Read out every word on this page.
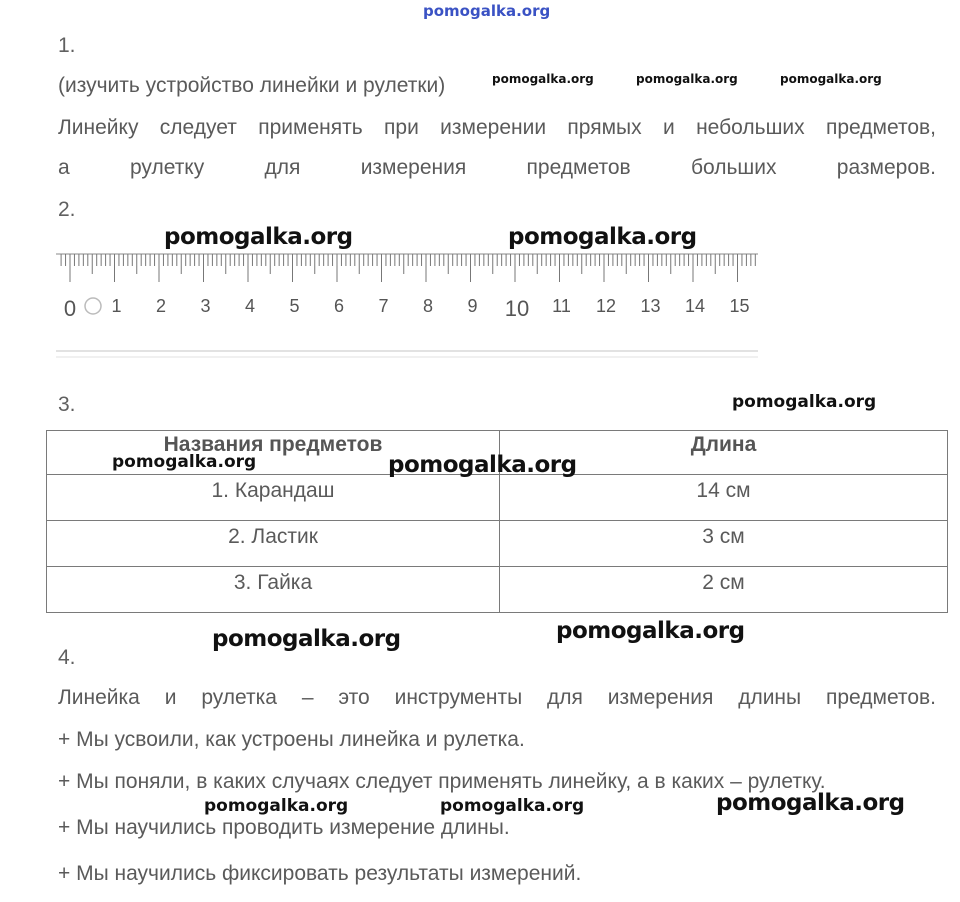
pomogalka.org
1.
(изучить устройство линейки и рулетки)	pomogalka.org	pomogalka.org	pomogalka.org
Линейку следует применять при измерении прямых и небольших предметов,
а рулетку для измерения предметов больших размеров.
2.
pomogalka.org	pomogalka.org
0 1 2 3 4 5 6 7 8 9 10 11 12 13 14 15
3.	pomogalka.org
Названия предметов	Длина
1. Карандаш	14 см
2. Ластик	3 см
3. Гайка	2 см
pomogalka.org	pomogalka.org
pomogalka.org	pomogalka.org
4.
Линейка и рулетка – это инструменты для измерения длины предметов.
+ Мы усвоили, как устроены линейка и рулетка.
+ Мы поняли, в каких случаях следует применять линейку, а в каких – рулетку.
pomogalka.org	pomogalka.org	pomogalka.org
+ Мы научились проводить измерение длины.
+ Мы научились фиксировать результаты измерений.
